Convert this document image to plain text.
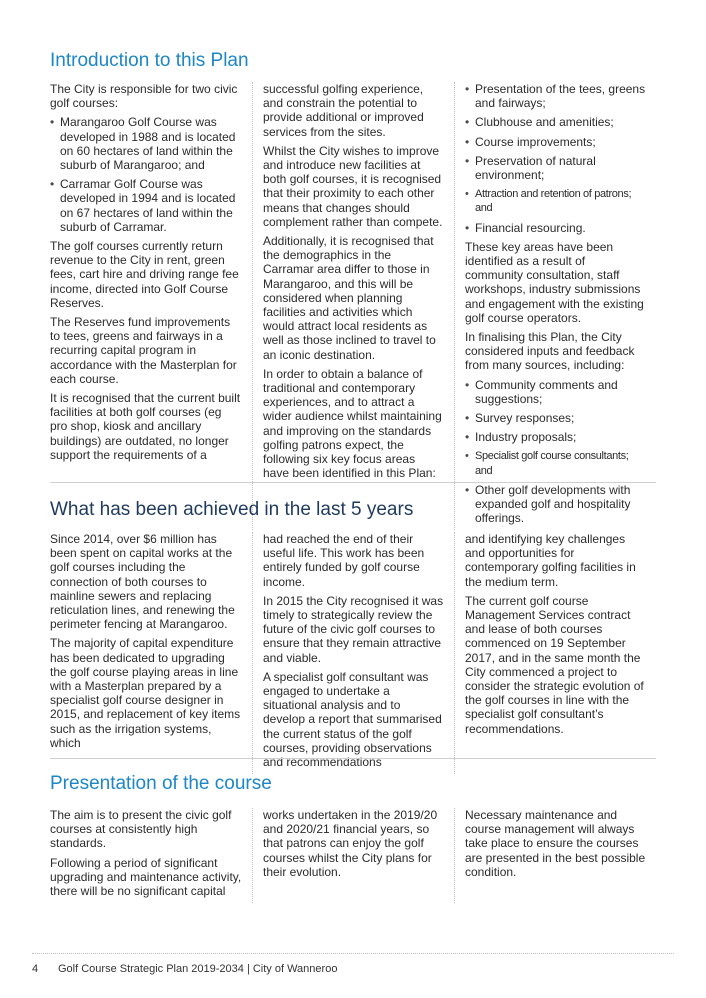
Introduction to this Plan

The City is responsible for two civic golf courses:

• Marangaroo Golf Course was developed in 1988 and is located on 60 hectares of land within the suburb of Marangaroo; and
• Carramar Golf Course was developed in 1994 and is located on 67 hectares of land within the suburb of Carramar.

The golf courses currently return revenue to the City in rent, green fees, cart hire and driving range fee income, directed into Golf Course Reserves.

The Reserves fund improvements to tees, greens and fairways in a recurring capital program in accordance with the Masterplan for each course.

It is recognised that the current built facilities at both golf courses (eg pro shop, kiosk and ancillary buildings) are outdated, no longer support the requirements of a

successful golfing experience, and constrain the potential to provide additional or improved services from the sites.

Whilst the City wishes to improve and introduce new facilities at both golf courses, it is recognised that their proximity to each other means that changes should complement rather than compete.

Additionally, it is recognised that the demographics in the Carramar area differ to those in Marangaroo, and this will be considered when planning facilities and activities which would attract local residents as well as those inclined to travel to an iconic destination.

In order to obtain a balance of traditional and contemporary experiences, and to attract a wider audience whilst maintaining and improving on the standards golfing patrons expect, the following six key focus areas have been identified in this Plan:

• Presentation of the tees, greens and fairways;
• Clubhouse and amenities;
• Course improvements;
• Preservation of natural environment;
• Attraction and retention of patrons; and
• Financial resourcing.

These key areas have been identified as a result of community consultation, staff workshops, industry submissions and engagement with the existing golf course operators.

In finalising this Plan, the City considered inputs and feedback from many sources, including:

• Community comments and suggestions;
• Survey responses;
• Industry proposals;
• Specialist golf course consultants; and
• Other golf developments with expanded golf and hospitality offerings.
What has been achieved in the last 5 years

Since 2014, over $6 million has been spent on capital works at the golf courses including the connection of both courses to mainline sewers and replacing reticulation lines, and renewing the perimeter fencing at Marangaroo.

The majority of capital expenditure has been dedicated to upgrading the golf course playing areas in line with a Masterplan prepared by a specialist golf course designer in 2015, and replacement of key items such as the irrigation systems, which

had reached the end of their useful life. This work has been entirely funded by golf course income.

In 2015 the City recognised it was timely to strategically review the future of the civic golf courses to ensure that they remain attractive and viable.

A specialist golf consultant was engaged to undertake a situational analysis and to develop a report that summarised the current status of the golf courses, providing observations and recommendations

and identifying key challenges and opportunities for contemporary golfing facilities in the medium term.

The current golf course Management Services contract and lease of both courses commenced on 19 September 2017, and in the same month the City commenced a project to consider the strategic evolution of the golf courses in line with the specialist golf consultant’s recommendations.

Presentation of the course

The aim is to present the civic golf courses at consistently high standards.

Following a period of significant upgrading and maintenance activity, there will be no significant capital

works undertaken in the 2019/20 and 2020/21 financial years, so that patrons can enjoy the golf courses whilst the City plans for their evolution.

Necessary maintenance and course management will always take place to ensure the courses are presented in the best possible condition.

4 Golf Course Strategic Plan 2019-2034 | City of Wanneroo
